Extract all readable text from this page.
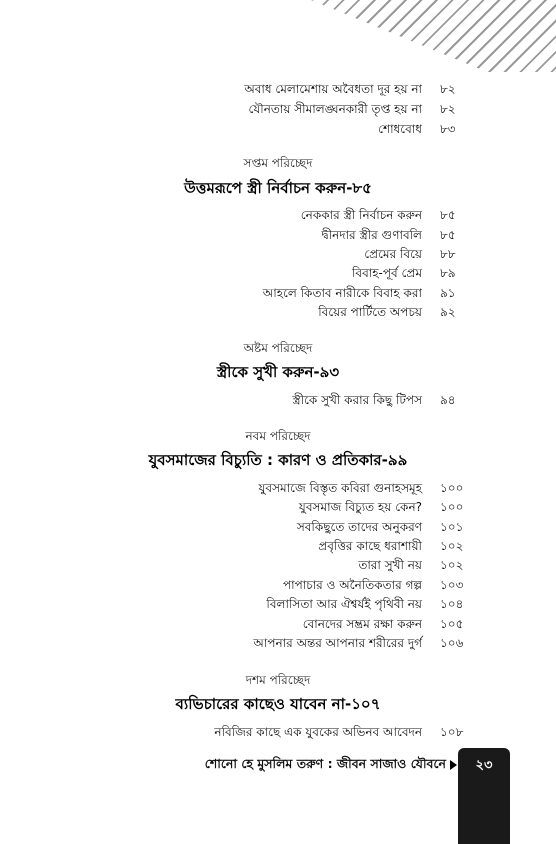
অবাধ মেলামেশায় অবৈধতা দূর হয় না ৮২
যৌনতায় সীমালঙ্ঘনকারী তৃপ্ত হয় না ৮২
শোধবোধ ৮৩
সপ্তম পরিচ্ছেদ
উত্তমরূপে স্ত্রী নির্বাচন করুন-৮৫
নেককার স্ত্রী নির্বাচন করুন ৮৫
দ্বীনদার স্ত্রীর গুণাবলি ৮৫
প্রেমের বিয়ে ৮৮
বিবাহ-পূর্ব প্রেম ৮৯
আহলে কিতাব নারীকে বিবাহ করা ৯১
বিয়ের পার্টিতে অপচয় ৯২
অষ্টম পরিচ্ছেদ
স্ত্রীকে সুখী করুন-৯৩
স্ত্রীকে সুখী করার কিছু টিপস ৯৪
নবম পরিচ্ছেদ
যুবসমাজের বিচ্যুতি : কারণ ও প্রতিকার-৯৯
যুবসমাজে বিস্তৃত কবিরা গুনাহসমূহ ১০০
যুবসমাজ বিচ্যুত হয় কেন? ১০০
সবকিছুতে তাদের অনুকরণ ১০১
প্রবৃত্তির কাছে ধরাশায়ী ১০২
তারা সুখী নয় ১০২
পাপাচার ও অনৈতিকতার গল্প ১০৩
বিলাসিতা আর ঐশ্বর্যই পৃথিবী নয় ১০৪
বোনদের সম্ভ্রম রক্ষা করুন ১০৫
আপনার অন্তর আপনার শরীরের দুর্গ ১০৬
দশম পরিচ্ছেদ
ব্যভিচারের কাছেও যাবেন না-১০৭
নবিজির কাছে এক যুবকের অভিনব আবেদন ১০৮
শোনো হে মুসলিম তরুণ : জীবন সাজাও যৌবনে	২৩
